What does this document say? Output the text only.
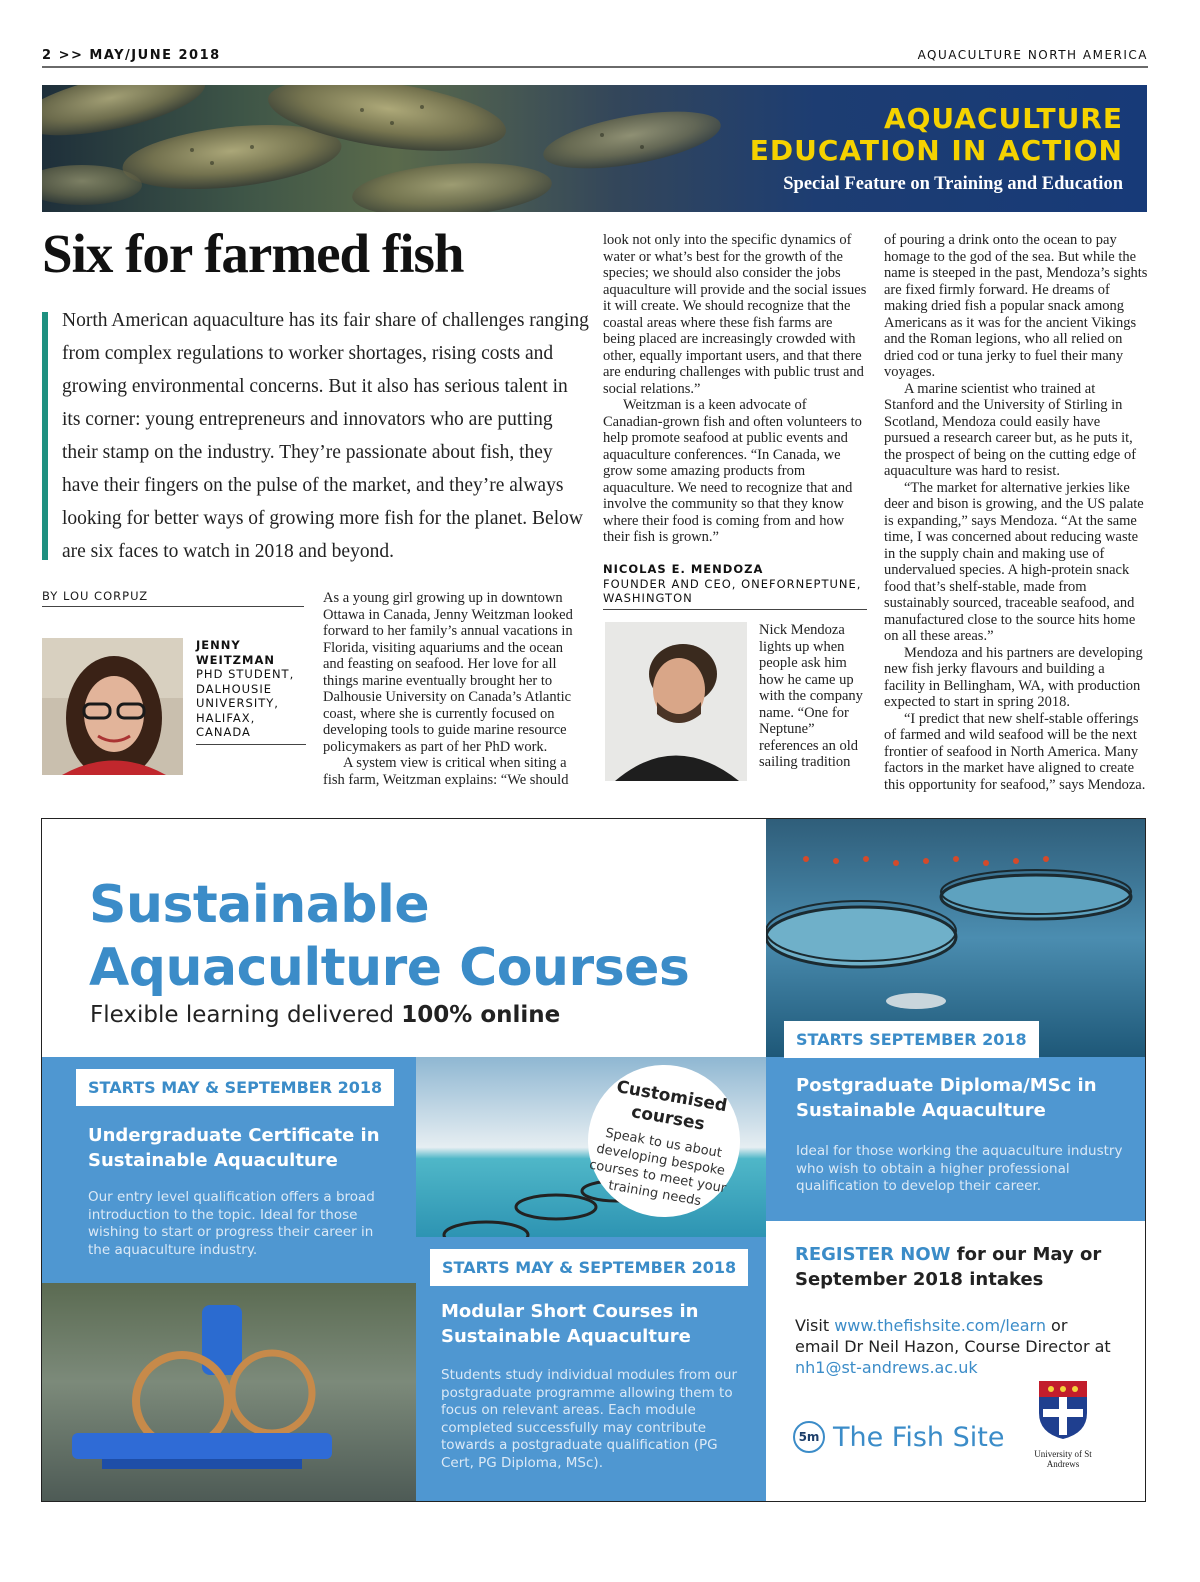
2 >> MAY/JUNE 2018	AQUACULTURE NORTH AMERICA
AQUACULTURE
EDUCATION IN ACTION
Special Feature on Training and Education
Six for farmed fish
North American aquaculture has its fair share of challenges ranging from complex regulations to worker shortages, rising costs and growing environmental concerns. But it also has serious talent in its corner: young entrepreneurs and innovators who are putting their stamp on the industry. They’re passionate about fish, they have their fingers on the pulse of the market, and they’re always looking for better ways of growing more fish for the planet. Below are six faces to watch in 2018 and beyond.
BY LOU CORPUZ
JENNY WEITZMAN
PHD STUDENT, DALHOUSIE UNIVERSITY, HALIFAX, CANADA

As a young girl growing up in downtown Ottawa in Canada, Jenny Weitzman looked forward to her family’s annual vacations in Florida, visiting aquariums and the ocean and feasting on seafood. Her love for all things marine eventually brought her to Dalhousie University on Canada’s Atlantic coast, where she is currently focused on developing tools to guide marine resource policymakers as part of her PhD work.

A system view is critical when siting a fish farm, Weitzman explains: “We should

look not only into the specific dynamics of water or what’s best for the growth of the species; we should also consider the jobs aquaculture will provide and the social issues it will create. We should recognize that the coastal areas where these fish farms are being placed are increasingly crowded with other, equally important users, and that there are enduring challenges with public trust and social relations.”

Weitzman is a keen advocate of Canadian-grown fish and often volunteers to help promote seafood at public events and aquaculture conferences. “In Canada, we grow some amazing products from aquaculture. We need to recognize that and involve the community so that they know where their food is coming from and how their fish is grown.”

NICOLAS E. MENDOZA
FOUNDER AND CEO, ONEFORNEPTUNE, WASHINGTON
Nick Mendoza lights up when people ask him how he came up with the company name. “One for Neptune” references an old sailing tradition

of pouring a drink onto the ocean to pay homage to the god of the sea. But while the name is steeped in the past, Mendoza’s sights are fixed firmly forward. He dreams of making dried fish a popular snack among Americans as it was for the ancient Vikings and the Roman legions, who all relied on dried cod or tuna jerky to fuel their many voyages.

A marine scientist who trained at Stanford and the University of Stirling in Scotland, Mendoza could easily have pursued a research career but, as he puts it, the prospect of being on the cutting edge of aquaculture was hard to resist.

“The market for alternative jerkies like deer and bison is growing, and the US palate is expanding,” says Mendoza. “At the same time, I was concerned about reducing waste in the supply chain and making use of undervalued species. A high-protein snack food that’s shelf-stable, made from sustainably sourced, traceable seafood, and manufactured close to the source hits home on all these areas.”

Mendoza and his partners are developing new fish jerky flavours and building a facility in Bellingham, WA, with production expected to start in spring 2018.

“I predict that new shelf-stable offerings of farmed and wild seafood will be the next frontier of seafood in North America. Many factors in the market have aligned to create this opportunity for seafood,” says Mendoza.

Sustainable
Aquaculture Courses
Flexible learning delivered 100% online
STARTS MAY & SEPTEMBER 2018
Undergraduate Certificate in Sustainable Aquaculture
Our entry level qualification offers a broad introduction to the topic. Ideal for those wishing to start or progress their career in the aquaculture industry.
STARTS MAY & SEPTEMBER 2018
Modular Short Courses in Sustainable Aquaculture
Students study individual modules from our postgraduate programme allowing them to focus on relevant areas. Each module completed successfully may contribute towards a postgraduate qualification (PG Cert, PG Diploma, MSc).
STARTS SEPTEMBER 2018
Postgraduate Diploma/MSc in Sustainable Aquaculture
Ideal for those working the aquaculture industry who wish to obtain a higher professional qualification to develop their career.
Customised courses
Speak to us about developing bespoke courses to meet your training needs
REGISTER NOW for our May or September 2018 intakes
Visit www.thefishsite.com/learn or email Dr Neil Hazon, Course Director at nh1@st-andrews.ac.uk
5m The Fish Site
University of St Andrews
